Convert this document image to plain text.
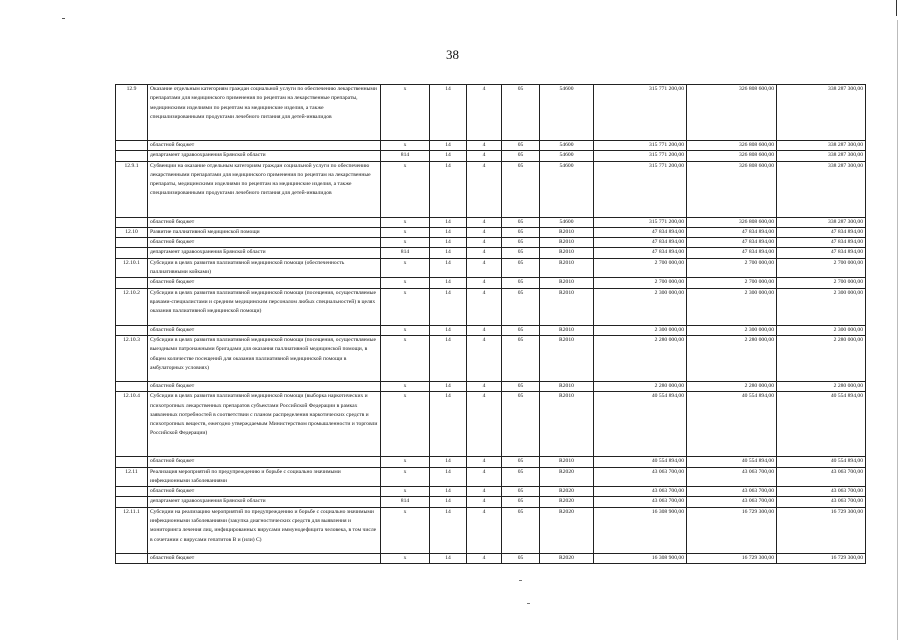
38
12.9	Оказание отдельным категориям граждан социальной услуги по обеспечению лекарственными препаратами для медицинского применения по рецептам на лекарственные препараты, медицинскими изделиями по рецептам на медицинские изделия, а также специализированными продуктами лечебного питания для детей-инвалидов	х	14	4	05	54600	315 771 200,00	326 808 600,00	338 287 300,00
	областной бюджет	х	14	4	05	54600	315 771 200,00	326 808 600,00	338 287 300,00
	департамент здравоохранения Брянской области	814	14	4	05	54600	315 771 200,00	326 808 600,00	338 287 300,00
12.9.1	Субвенции на оказание отдельным категориям граждан социальной услуги по обеспечению лекарственными препаратами для медицинского применения по рецептам на лекарственные препараты, медицинскими изделиями по рецептам на медицинские изделия, а также специализированными продуктами лечебного питания для детей-инвалидов	х	14	4	05	54600	315 771 200,00	326 808 600,00	338 287 300,00
	областной бюджет	х	14	4	05	54600	315 771 200,00	326 808 600,00	338 287 300,00
12.10	Развитие паллиативной медицинской помощи	х	14	4	05	R2010	47 834 894,00	47 834 894,00	47 834 894,00
	областной бюджет	х	14	4	05	R2010	47 834 894,00	47 834 894,00	47 834 894,00
	департамент здравоохранения Брянской области	814	14	4	05	R2010	47 834 894,00	47 834 894,00	47 834 894,00
12.10.1	Субсидии в целях развития паллиативной медицинской помощи (обеспеченность паллиативными койками)	х	14	4	05	R2010	2 700 000,00	2 700 000,00	2 700 000,00
	областной бюджет	х	14	4	05	R2010	2 700 000,00	2 700 000,00	2 700 000,00
12.10.2	Субсидии в целях развития паллиативной медицинской помощи (посещения, осуществляемые врачами-специалистами и средним медицинским персоналом любых специальностей) в целях оказания паллиативной медицинской помощи)	х	14	4	05	R2010	2 300 000,00	2 300 000,00	2 300 000,00
	областной бюджет	х	14	4	05	R2010	2 300 000,00	2 300 000,00	2 300 000,00
12.10.3	Субсидии в целях развития паллиативной медицинской помощи (посещения, осуществляемые выездными патронажными бригадами для оказания паллиативной медицинской помощи, в общем количестве посещений для оказания паллиативной медицинской помощи в амбулаторных условиях)	х	14	4	05	R2010	2 280 000,00	2 280 000,00	2 280 000,00
	областной бюджет	х	14	4	05	R2010	2 280 000,00	2 280 000,00	2 280 000,00
12.10.4	Субсидии в целях развития паллиативной медицинской помощи (выборка наркотических и психотропных лекарственных препаратов субъектами Российской Федерации в рамках заявленных потребностей в соответствии с планом распределения наркотических средств и психотропных веществ, ежегодно утверждаемым Министерством промышленности и торговли Российской Федерации)	х	14	4	05	R2010	40 554 894,00	40 554 894,00	40 554 894,00
	областной бюджет	х	14	4	05	R2010	40 554 894,00	40 554 894,00	40 554 894,00
12.11	Реализация мероприятий по предупреждению и борьбе с социально значимыми инфекционными заболеваниями	х	14	4	05	R2020	43 063 700,00	43 063 700,00	43 063 700,00
	областной бюджет	х	14	4	05	R2020	43 063 700,00	43 063 700,00	43 063 700,00
	департамент здравоохранения Брянской области	814	14	4	05	R2020	43 063 700,00	43 063 700,00	43 063 700,00
12.11.1	Субсидии на реализацию мероприятий по предупреждению и борьбе с социально значимыми инфекционными заболеваниями (закупка диагностических средств для выявления и мониторинга лечения лиц, инфицированных вирусами иммунодефицита человека, в том числе в сочетании с вирусами гепатитов B и (или) C)	х	14	4	05	R2020	16 308 900,00	16 729 300,00	16 729 300,00
	областной бюджет	х	14	4	05	R2020	16 308 900,00	16 729 300,00	16 729 300,00
